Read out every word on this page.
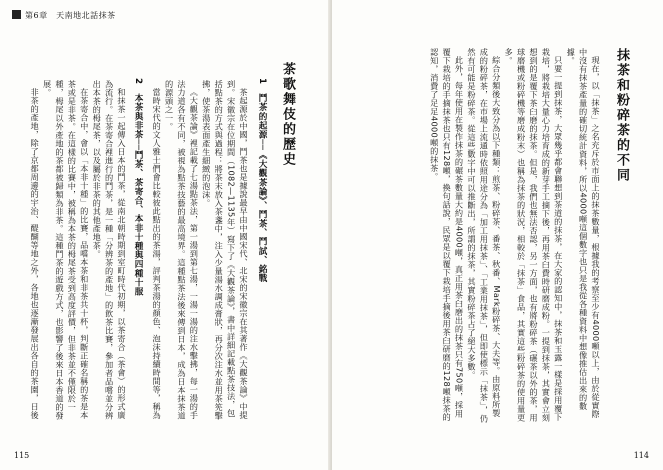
第6章　天南地北話抹茶
茶歌舞伎的歷史
1　鬥茶的起源──《大觀茶論》、鬥茶、鬥試、銘戰
茶起源於中國，鬥茶也是據說最早由中國宋代、北宋的宋徽宗在其著作《大觀茶論》中提到。宋徽宗在位期間（1082—1135年）寫下了《大觀茶論》，書中詳細記載點茶技法，包括點茶的方式與過程：將茶末放入茶盞中，注入少量湯水調成膏狀，再分次注水並用茶筅擊拂，使茶湯表面產生細緻的泡沫。
《大觀茶論》裡記載了七湯點茶法，第一湯到第七湯，一湯一湯的注水擊拂，每一湯的手法力道各有不同，被視為點茶技藝的最高境界。這種點茶法後來傳到日本，成為日本抹茶道的源頭之一。
當時宋代的文人雅士們會比較彼此點出的茶湯，評判茶湯的顏色、泡沫持續時間等，稱為
2　本茶與非茶──鬥茶、茶寄合、本非十種與四種十服
和抹茶一起傳入日本的鬥茶，從南北朝時期到室町時代初期，以茶寄合（茶會）的形式廣為流行。在茶寄合裡進行的鬥茶，是一種「分辨茶的產地」的飲茶比賽，參加者品嚐並分辨出本茶的栂尾茶，以及屬於非茶的其他產地茶。
在茶寄合中，會以「本非十種」的比賽，品嚐本茶和非茶共十杯，判斷正確名稱的茶是本茶或是非茶。在這樣的比賽中，被稱為本茶的栂尾茶受到高度評價，但非茶並不僅限於一種，栂尾以外產地的茶都被歸類為非茶。這種鬥茶的遊戲方式，也影響了後來日本香道的發展。
非茶的產地，除了京都周邊的宇治、醍醐等地之外，各地也逐漸發展出各自的茶園，日後
115
抹茶和粉碎茶的不同
現在，以「抹茶」之名充斥於市面上的抹茶數量，根據我的考察至少有4000噸以上，由於從實際中沒有抹茶產量的確切統計資料，所以4000噸這個數字也只是我從各種資料中想像推估出來的數據。
只要一提到抹茶，大眾幾乎都會聯想到茶道的抹茶，在大家的認知中，抹茶和玉露一樣是採用覆下栽培，將栽培大量心力培育成的新芽手工摘下後，再用茶臼費時研磨成粉。一提到抹茶，其實會立刻想到的是覆下茶臼磨的抹茶。但是，我們也無法否認，另一方面，也有將粉碎茶（碾茶以外的茶，用球磨機或粉碎機等磨成粉末）也稱為抹茶的狀況，相較於「抹茶」食品，其實這些粉碎茶的使用量更多。
綜合分類後大致分為以下種類：煎茶、粉碎茶、番茶、秋番、Mark粉碎茶、大夫等。由原料所製成的粉碎茶，在市場上流通時依照用途分為「加工用抹茶」、「工業用抹茶」，但即使標示「抹茶」，仍然有可能是粉碎茶。從這些數字中可以推斷出，所謂的抹茶，其實粉碎茶占了絕大多數。
此外，每年使用在製作抹茶的碾茶數量大約是4000噸，真正用茶臼磨出的抹茶只有750噸，採用覆下栽培的手摘抹茶也只有128噸，換句話說，民眾是以覆下栽培手摘後用茶臼研磨的128噸抹茶的認知，消費了足足4000噸的抹茶。
114
